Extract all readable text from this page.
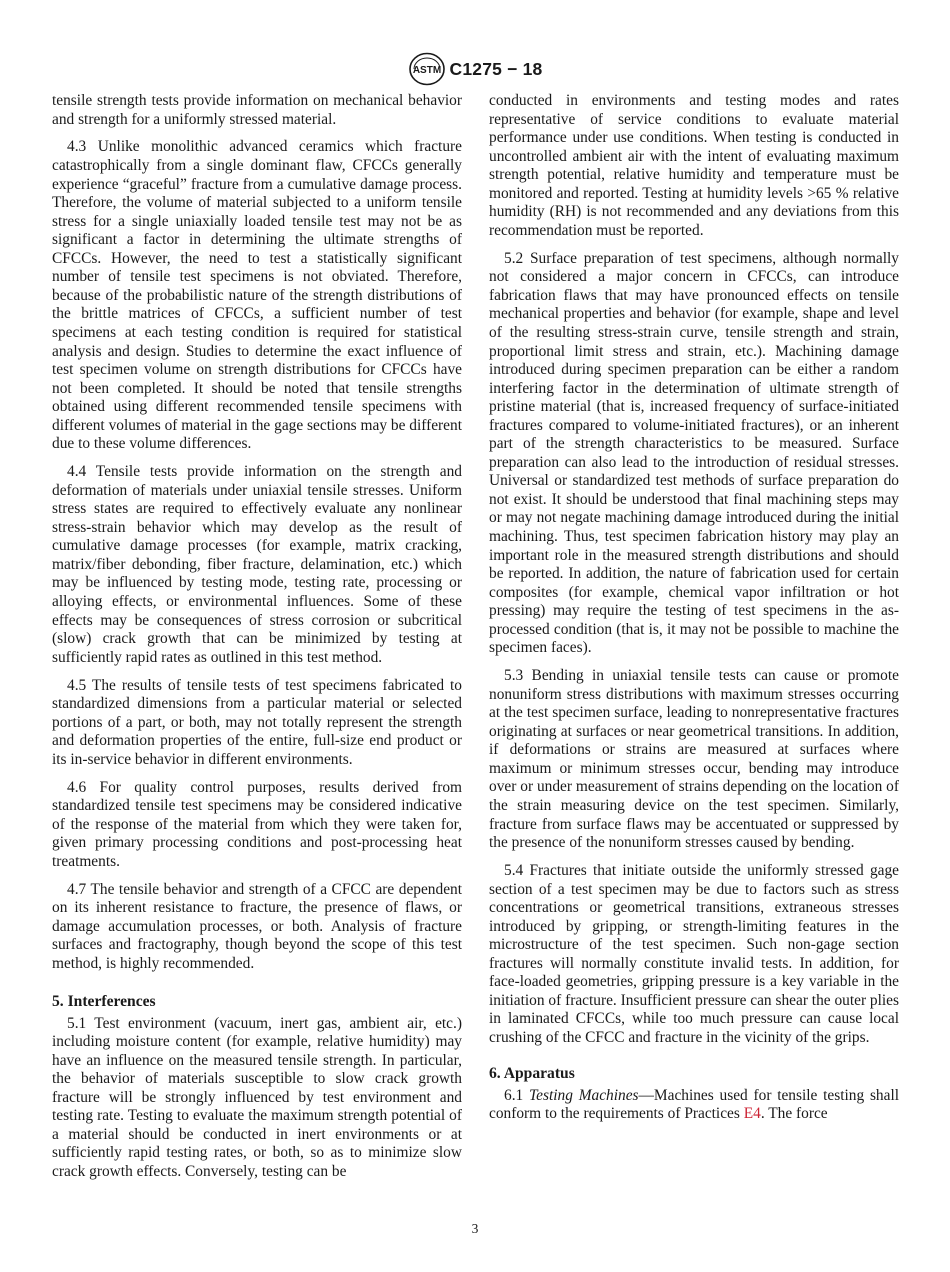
ASTM C1275 − 18

tensile strength tests provide information on mechanical behavior and strength for a uniformly stressed material.

4.3 Unlike monolithic advanced ceramics which fracture catastrophically from a single dominant flaw, CFCCs generally experience “graceful” fracture from a cumulative damage process. Therefore, the volume of material subjected to a uniform tensile stress for a single uniaxially loaded tensile test may not be as significant a factor in determining the ultimate strengths of CFCCs. However, the need to test a statistically significant number of tensile test specimens is not obviated. Therefore, because of the probabilistic nature of the strength distributions of the brittle matrices of CFCCs, a sufficient number of test specimens at each testing condition is required for statistical analysis and design. Studies to determine the exact influence of test specimen volume on strength distributions for CFCCs have not been completed. It should be noted that tensile strengths obtained using different recommended tensile specimens with different volumes of material in the gage sections may be different due to these volume differences.

4.4 Tensile tests provide information on the strength and deformation of materials under uniaxial tensile stresses. Uniform stress states are required to effectively evaluate any nonlinear stress-strain behavior which may develop as the result of cumulative damage processes (for example, matrix cracking, matrix/fiber debonding, fiber fracture, delamination, etc.) which may be influenced by testing mode, testing rate, processing or alloying effects, or environmental influences. Some of these effects may be consequences of stress corrosion or subcritical (slow) crack growth that can be minimized by testing at sufficiently rapid rates as outlined in this test method.

4.5 The results of tensile tests of test specimens fabricated to standardized dimensions from a particular material or selected portions of a part, or both, may not totally represent the strength and deformation properties of the entire, full-size end product or its in-service behavior in different environments.

4.6 For quality control purposes, results derived from standardized tensile test specimens may be considered indicative of the response of the material from which they were taken for, given primary processing conditions and post-processing heat treatments.

4.7 The tensile behavior and strength of a CFCC are dependent on its inherent resistance to fracture, the presence of flaws, or damage accumulation processes, or both. Analysis of fracture surfaces and fractography, though beyond the scope of this test method, is highly recommended.

5. Interferences

5.1 Test environment (vacuum, inert gas, ambient air, etc.) including moisture content (for example, relative humidity) may have an influence on the measured tensile strength. In particular, the behavior of materials susceptible to slow crack growth fracture will be strongly influenced by test environment and testing rate. Testing to evaluate the maximum strength potential of a material should be conducted in inert environments or at sufficiently rapid testing rates, or both, so as to minimize slow crack growth effects. Conversely, testing can be

conducted in environments and testing modes and rates representative of service conditions to evaluate material performance under use conditions. When testing is conducted in uncontrolled ambient air with the intent of evaluating maximum strength potential, relative humidity and temperature must be monitored and reported. Testing at humidity levels >65 % relative humidity (RH) is not recommended and any deviations from this recommendation must be reported.

5.2 Surface preparation of test specimens, although normally not considered a major concern in CFCCs, can introduce fabrication flaws that may have pronounced effects on tensile mechanical properties and behavior (for example, shape and level of the resulting stress-strain curve, tensile strength and strain, proportional limit stress and strain, etc.). Machining damage introduced during specimen preparation can be either a random interfering factor in the determination of ultimate strength of pristine material (that is, increased frequency of surface-initiated fractures compared to volume-initiated fractures), or an inherent part of the strength characteristics to be measured. Surface preparation can also lead to the introduction of residual stresses. Universal or standardized test methods of surface preparation do not exist. It should be understood that final machining steps may or may not negate machining damage introduced during the initial machining. Thus, test specimen fabrication history may play an important role in the measured strength distributions and should be reported. In addition, the nature of fabrication used for certain composites (for example, chemical vapor infiltration or hot pressing) may require the testing of test specimens in the as-processed condition (that is, it may not be possible to machine the specimen faces).

5.3 Bending in uniaxial tensile tests can cause or promote nonuniform stress distributions with maximum stresses occurring at the test specimen surface, leading to nonrepresentative fractures originating at surfaces or near geometrical transitions. In addition, if deformations or strains are measured at surfaces where maximum or minimum stresses occur, bending may introduce over or under measurement of strains depending on the location of the strain measuring device on the test specimen. Similarly, fracture from surface flaws may be accentuated or suppressed by the presence of the nonuniform stresses caused by bending.

5.4 Fractures that initiate outside the uniformly stressed gage section of a test specimen may be due to factors such as stress concentrations or geometrical transitions, extraneous stresses introduced by gripping, or strength-limiting features in the microstructure of the test specimen. Such non-gage section fractures will normally constitute invalid tests. In addition, for face-loaded geometries, gripping pressure is a key variable in the initiation of fracture. Insufficient pressure can shear the outer plies in laminated CFCCs, while too much pressure can cause local crushing of the CFCC and fracture in the vicinity of the grips.

6. Apparatus

6.1 Testing Machines—Machines used for tensile testing shall conform to the requirements of Practices E4. The force

3
